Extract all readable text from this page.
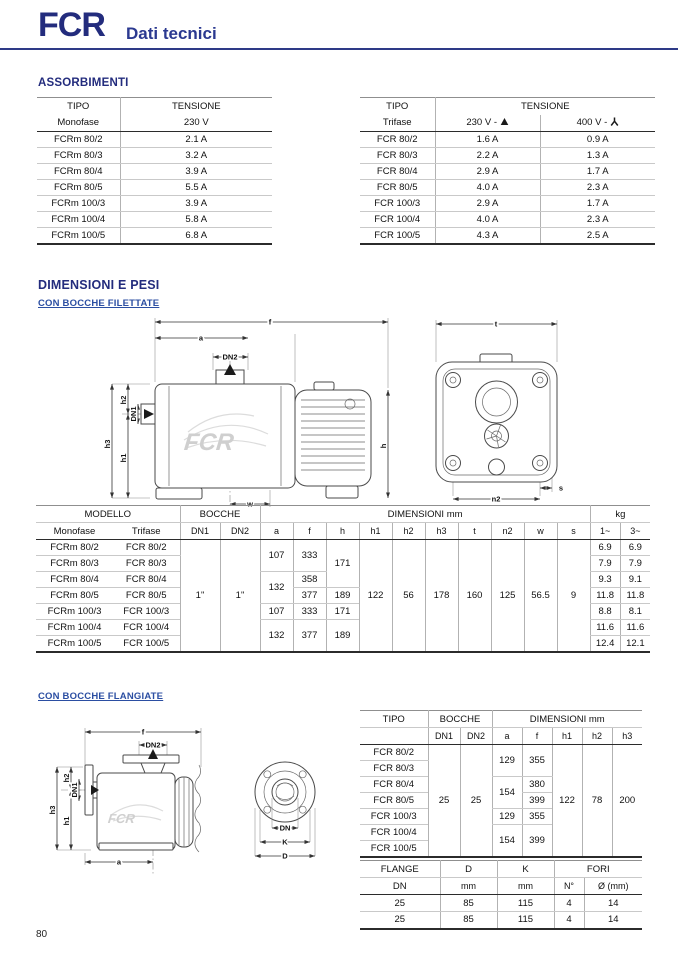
FCR Dati tecnici
ASSORBIMENTI
TIPO	TENSIONE
Monofase	230 V
FCRm 80/2	2.1 A
FCRm 80/3	3.2 A
FCRm 80/4	3.9 A
FCRm 80/5	5.5 A
FCRm 100/3	3.9 A
FCRm 100/4	5.8 A
FCRm 100/5	6.8 A
TIPO	TENSIONE	
Trifase	230 V -	400 V -
FCR 80/2	1.6 A	0.9 A
FCR 80/3	2.2 A	1.3 A
FCR 80/4	2.9 A	1.7 A
FCR 80/5	4.0 A	2.3 A
FCR 100/3	2.9 A	1.7 A
FCR 100/4	4.0 A	2.3 A
FCR 100/5	4.3 A	2.5 A
DIMENSIONI E PESI
CON BOCCHE FILETTATE
FCR
f
a
DN2
h
h3
h2
h1
DN1
w
t
n2
s
MODELLO		BOCCHE		DIMENSIONI mm										kg	
Monofase	Trifase	DN1	DN2	a	f	h	h1	h2	h3	t	n2	w	s	1~	3~
FCRm 80/2	FCR 80/2	1"	1"	107	333	171	122	56	178	160	125	56.5	9	6.9	6.9
FCRm 80/3	FCR 80/3													7.9	7.9
FCRm 80/4	FCR 80/4			132	358									9.3	9.1
FCRm 80/5	FCR 80/5				377	189								11.8	11.8
FCRm 100/3	FCR 100/3			107	333	171								8.8	8.1
FCRm 100/4	FCR 100/4			132	377	189								11.6	11.6
FCRm 100/5	FCR 100/5													12.4	12.1
CON BOCCHE FLANGIATE
FCR
f
DN2
h3
h2
h1
DN1
a
DN
K
D
TIPO	BOCCHE		DIMENSIONI mm				
	DN1	DN2	a	f	h1	h2	h3
FCR 80/2	25	25	129	355	122	78	200
FCR 80/3							
FCR 80/4			154	380			
FCR 80/5				399			
FCR 100/3			129	355			
FCR 100/4			154	399			
FCR 100/5							
FLANGE	D	K	FORI	
DN	mm	mm	N°	Ø (mm)
25	85	115	4	14
25	85	115	4	14
80
